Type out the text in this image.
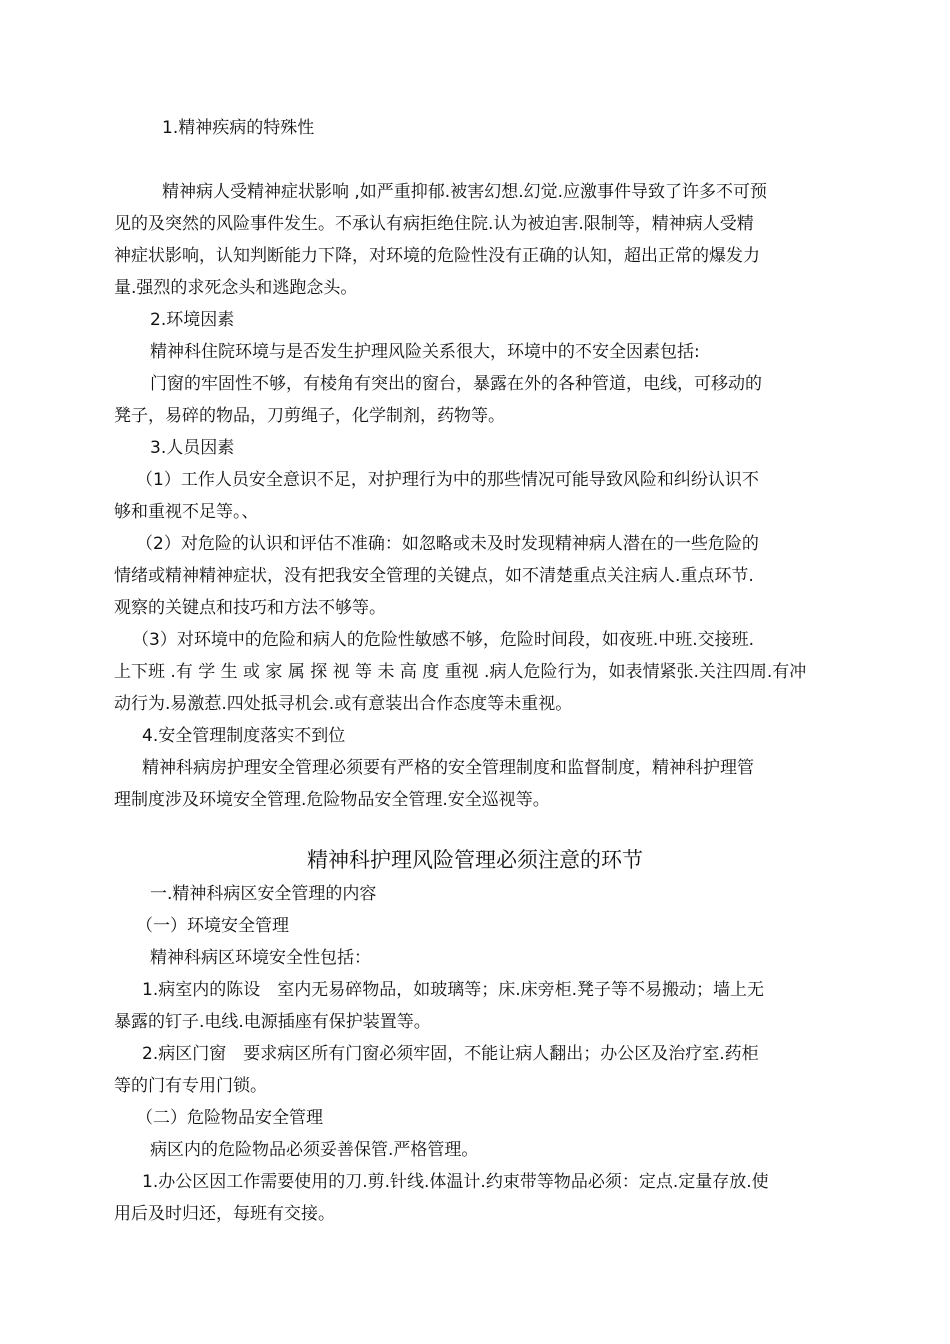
1.精神疾病的特殊性
精神病人受精神症状影响 ,如严重抑郁.被害幻想.幻觉.应激事件导致了许多不可预
见的及突然的风险事件发生。不承认有病拒绝住院.认为被迫害.限制等，精神病人受精
神症状影响，认知判断能力下降，对环境的危险性没有正确的认知，超出正常的爆发力
量.强烈的求死念头和逃跑念头。
2.环境因素
精神科住院环境与是否发生护理风险关系很大，环境中的不安全因素包括:
门窗的牢固性不够，有棱角有突出的窗台，暴露在外的各种管道，电线，可移动的
凳子，易碎的物品，刀剪绳子，化学制剂，药物等。
3.人员因素
（1）工作人员安全意识不足，对护理行为中的那些情况可能导致风险和纠纷认识不
够和重视不足等。、
（2）对危险的认识和评估不准确：如忽略或未及时发现精神病人潜在的一些危险的
情绪或精神精神症状，没有把我安全管理的关键点，如不清楚重点关注病人.重点环节.
观察的关键点和技巧和方法不够等。
（3）对环境中的危险和病人的危险性敏感不够，危险时间段，如夜班.中班.交接班.
上下班 .有 学 生 或 家 属 探 视 等 未 高 度 重视 .病人危险行为，如表情紧张.关注四周.有冲
动行为.易激惹.四处抵寻机会.或有意装出合作态度等未重视。
4.安全管理制度落实不到位
精神科病房护理安全管理必须要有严格的安全管理制度和监督制度，精神科护理管
理制度涉及环境安全管理.危险物品安全管理.安全巡视等。
精神科护理风险管理必须注意的环节
一.精神科病区安全管理的内容
（一）环境安全管理
精神科病区环境安全性包括：
1.病室内的陈设　室内无易碎物品，如玻璃等；床.床旁柜.凳子等不易搬动；墙上无
暴露的钉子.电线.电源插座有保护装置等。
2.病区门窗　要求病区所有门窗必须牢固，不能让病人翻出；办公区及治疗室.药柜
等的门有专用门锁。
（二）危险物品安全管理
病区内的危险物品必须妥善保管.严格管理。
1.办公区因工作需要使用的刀.剪.针线.体温计.约束带等物品必须：定点.定量存放.使
用后及时归还，每班有交接。
